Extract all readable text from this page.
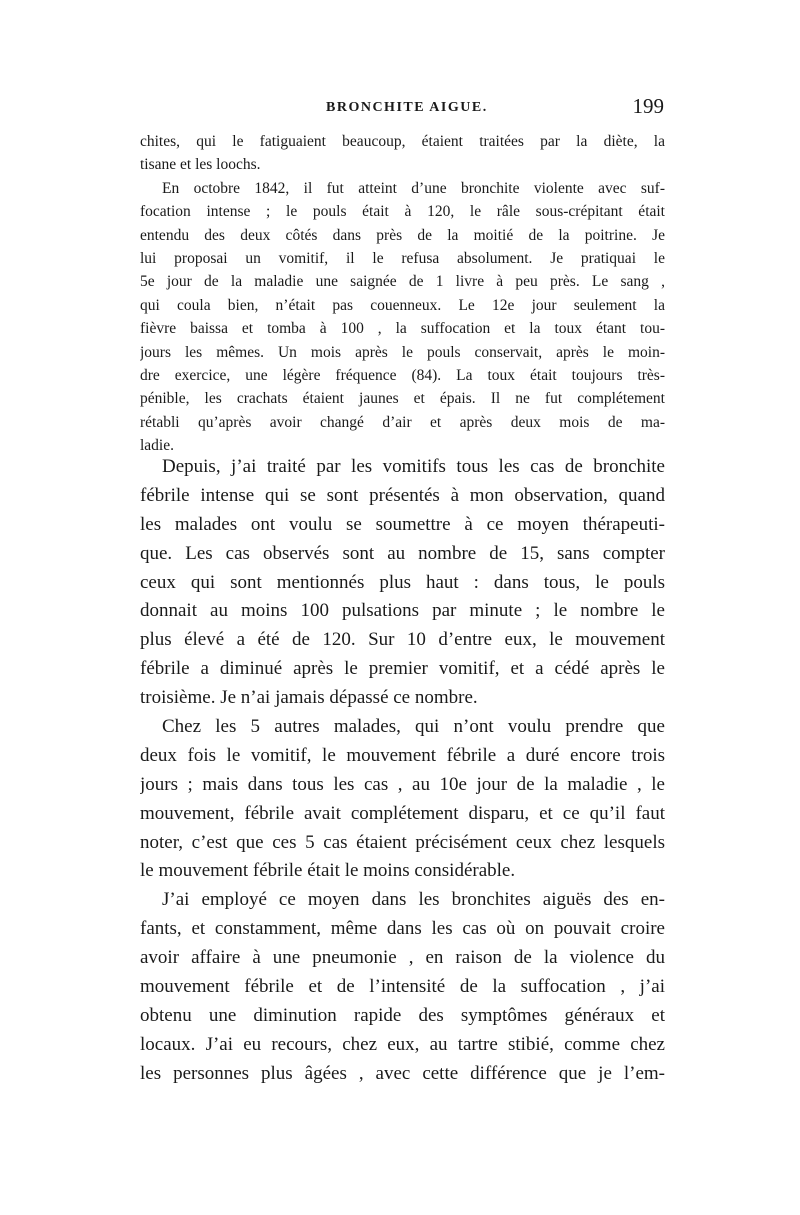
BRONCHITE AIGUE.	199
chites, qui le fatiguaient beaucoup, étaient traitées par la diète, la
tisane et les loochs.
En octobre 1842, il fut atteint d’une bronchite violente avec suf-
focation intense ; le pouls était à 120, le râle sous-crépitant était
entendu des deux côtés dans près de la moitié de la poitrine. Je
lui proposai un vomitif, il le refusa absolument. Je pratiquai le
5e jour de la maladie une saignée de 1 livre à peu près. Le sang ,
qui coula bien, n’était pas couenneux. Le 12e jour seulement la
fièvre baissa et tomba à 100 , la suffocation et la toux étant tou-
jours les mêmes. Un mois après le pouls conservait, après le moin-
dre exercice, une légère fréquence (84). La toux était toujours très-
pénible, les crachats étaient jaunes et épais. Il ne fut complétement
rétabli qu’après avoir changé d’air et après deux mois de ma-
ladie.
Depuis, j’ai traité par les vomitifs tous les cas de bronchite
fébrile intense qui se sont présentés à mon observation, quand
les malades ont voulu se soumettre à ce moyen thérapeuti-
que. Les cas observés sont au nombre de 15, sans compter
ceux qui sont mentionnés plus haut : dans tous, le pouls
donnait au moins 100 pulsations par minute ; le nombre le
plus élevé a été de 120. Sur 10 d’entre eux, le mouvement
fébrile a diminué après le premier vomitif, et a cédé après le
troisième. Je n’ai jamais dépassé ce nombre.
Chez les 5 autres malades, qui n’ont voulu prendre que
deux fois le vomitif, le mouvement fébrile a duré encore trois
jours ; mais dans tous les cas , au 10e jour de la maladie , le
mouvement, fébrile avait complétement disparu, et ce qu’il faut
noter, c’est que ces 5 cas étaient précisément ceux chez lesquels
le mouvement fébrile était le moins considérable.
J’ai employé ce moyen dans les bronchites aiguës des en-
fants, et constamment, même dans les cas où on pouvait croire
avoir affaire à une pneumonie , en raison de la violence du
mouvement fébrile et de l’intensité de la suffocation , j’ai
obtenu une diminution rapide des symptômes généraux et
locaux. J’ai eu recours, chez eux, au tartre stibié, comme chez
les personnes plus âgées , avec cette différence que je l’em-
